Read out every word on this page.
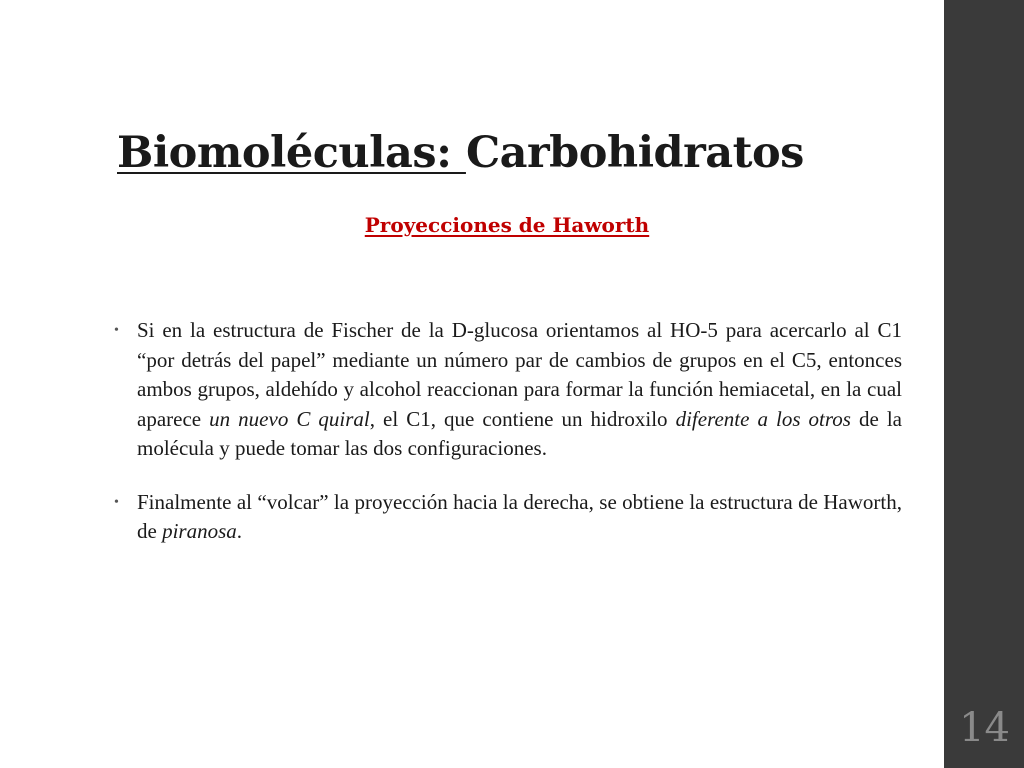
Biomoléculas: Carbohidratos

Proyecciones de Haworth

• Si en la estructura de Fischer de la D-glucosa orientamos al HO-5 para acercarlo al C1 “por detrás del papel” mediante un número par de cambios de grupos en el C5, entonces ambos grupos, aldehído y alcohol reaccionan para formar la función hemiacetal, en la cual aparece un nuevo C quiral, el C1, que contiene un hidroxilo diferente a los otros de la molécula y puede tomar las dos configuraciones.
• Finalmente al “volcar” la proyección hacia la derecha, se obtiene la estructura de Haworth, de piranosa.
14
